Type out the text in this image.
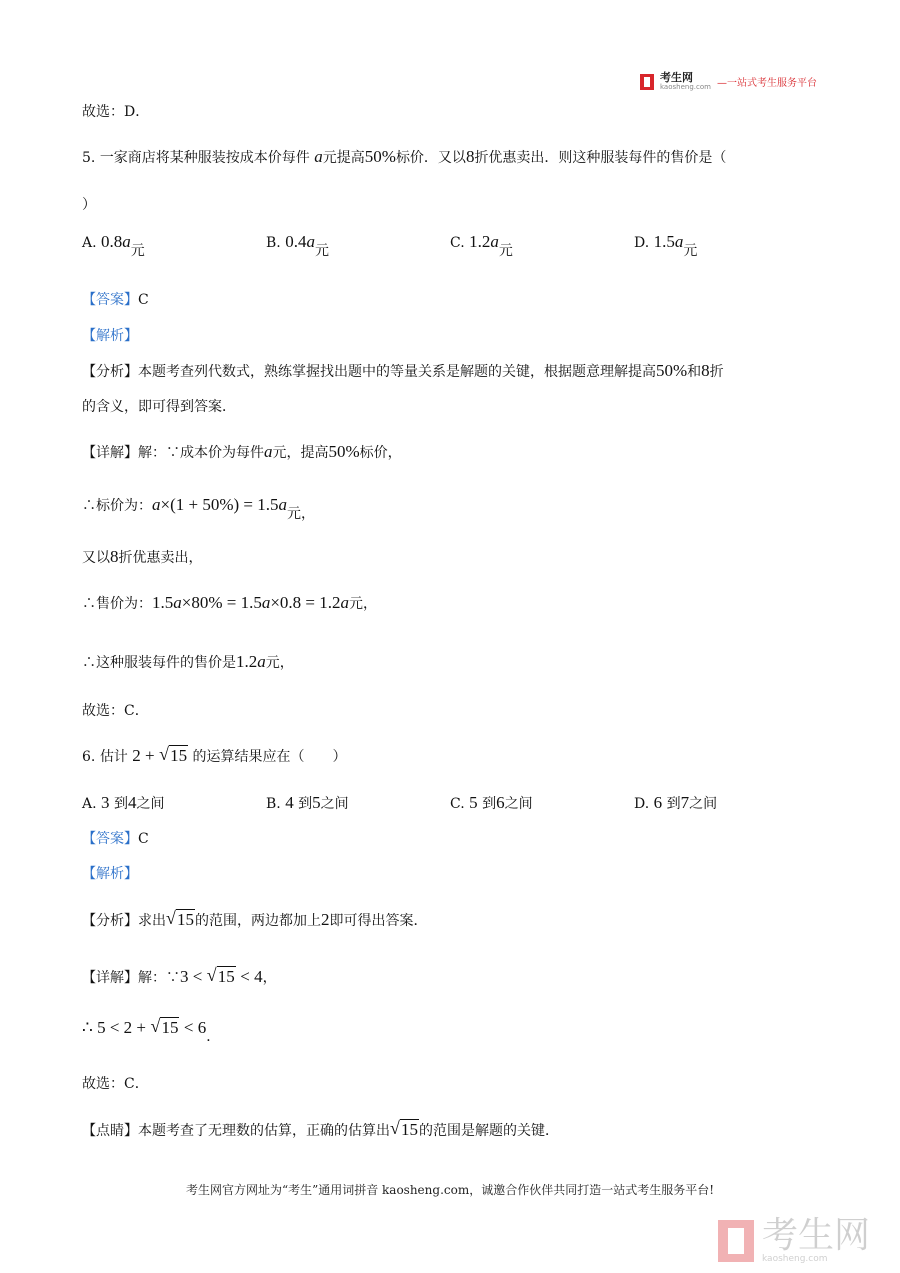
考生网
kaosheng.com —一站式考生服务平台
故选：D．
5. 一家商店将某种服装按成本价每件 a元提高50%标价．又以8折优惠卖出．则这种服装每件的售价是（
）
A. 0.8a元	B. 0.4a元	C. 1.2a元	D. 1.5a元
【答案】C
【解析】
【分析】本题考查列代数式，熟练掌握找出题中的等量关系是解题的关键，根据题意理解提高50%和8折
的含义，即可得到答案．
【详解】解：∵成本价为每件a元，提高50%标价，
∴标价为：a×(1 + 50%) = 1.5a元，
又以8折优惠卖出，
∴售价为：1.5a×80% = 1.5a×0.8 = 1.2a元，
∴这种服装每件的售价是1.2a元，
故选：C．
6. 估计 2 + √ 15 的运算结果应在（　　）
A. 3 到4之间	B. 4 到5之间	C. 5 到6之间	D. 6 到7之间
【答案】C
【解析】
【分析】求出 √ 15的范围，两边都加上2即可得出答案．
【详解】解：∵3 < √ 15 < 4，
∴ 5 < 2 + √ 15 < 6．
故选：C．
【点睛】本题考查了无理数的估算，正确的估算出 √ 15的范围是解题的关键．
考生网官方网址为“考生”通用词拼音 kaosheng.com，诚邀合作伙伴共同打造一站式考生服务平台!
考生网
kaosheng.com
